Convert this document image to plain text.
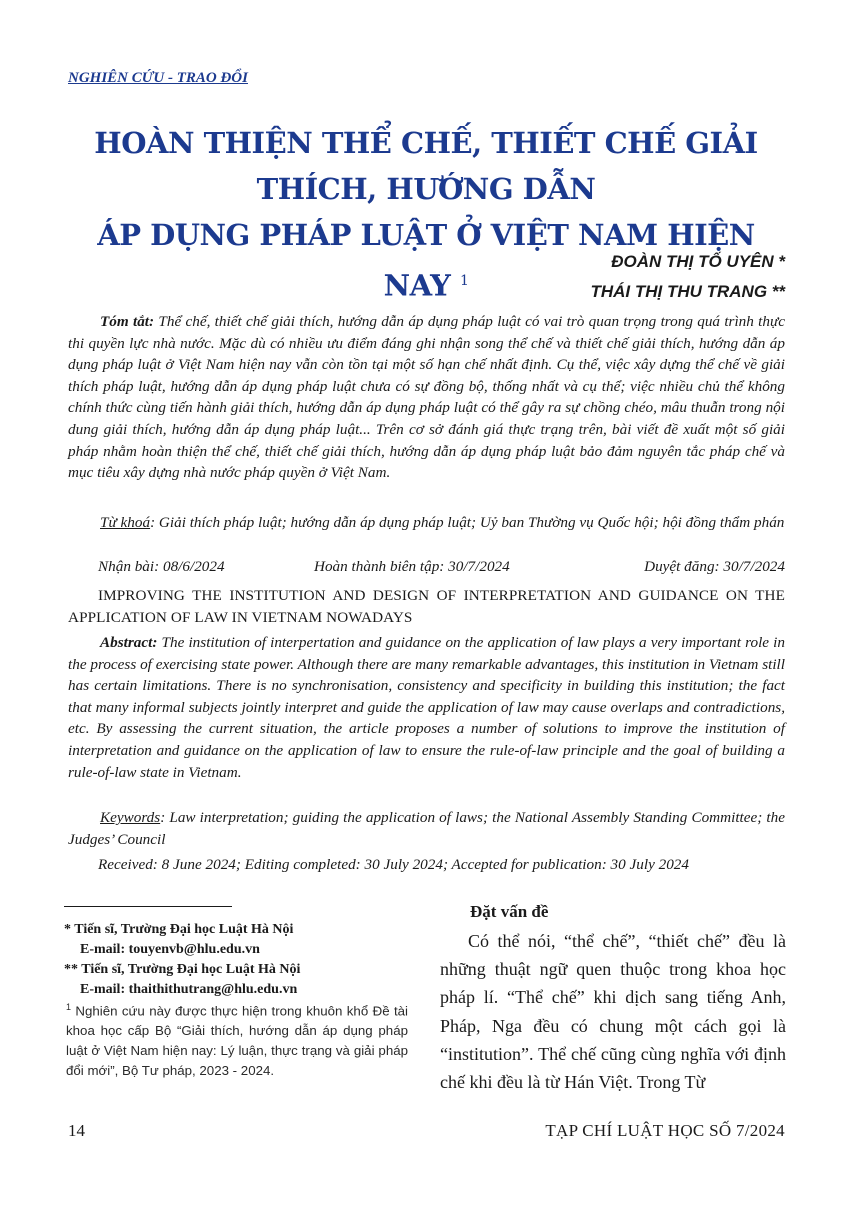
NGHIÊN CỨU - TRAO ĐỔI
HOÀN THIỆN THỂ CHẾ, THIẾT CHẾ GIẢI THÍCH, HƯỚNG DẪN
ÁP DỤNG PHÁP LUẬT Ở VIỆT NAM HIỆN NAY $^1$
ĐOÀN THỊ TỐ UYÊN *
THÁI THỊ THU TRANG **
Tóm tắt: Thể chế, thiết chế giải thích, hướng dẫn áp dụng pháp luật có vai trò quan trọng trong quá trình thực thi quyền lực nhà nước. Mặc dù có nhiều ưu điểm đáng ghi nhận song thể chế và thiết chế giải thích, hướng dẫn áp dụng pháp luật ở Việt Nam hiện nay vẫn còn tồn tại một số hạn chế nhất định. Cụ thể, việc xây dựng thể chế về giải thích pháp luật, hướng dẫn áp dụng pháp luật chưa có sự đồng bộ, thống nhất và cụ thể; việc nhiều chủ thể không chính thức cùng tiến hành giải thích, hướng dẫn áp dụng pháp luật có thể gây ra sự chồng chéo, mâu thuẫn trong nội dung giải thích, hướng dẫn áp dụng pháp luật... Trên cơ sở đánh giá thực trạng trên, bài viết đề xuất một số giải pháp nhằm hoàn thiện thể chế, thiết chế giải thích, hướng dẫn áp dụng pháp luật bảo đảm nguyên tắc pháp chế và mục tiêu xây dựng nhà nước pháp quyền ở Việt Nam.
Từ khoá: Giải thích pháp luật; hướng dẫn áp dụng pháp luật; Uỷ ban Thường vụ Quốc hội; hội đồng thẩm phán
Nhận bài: 08/6/2024	Hoàn thành biên tập: 30/7/2024	Duyệt đăng: 30/7/2024
IMPROVING THE INSTITUTION AND DESIGN OF INTERPRETATION AND GUIDANCE ON THE APPLICATION OF LAW IN VIETNAM NOWADAYS
Abstract: The institution of interpertation and guidance on the application of law plays a very important role in the process of exercising state power. Although there are many remarkable advantages, this institution in Vietnam still has certain limitations. There is no synchronisation, consistency and specificity in building this institution; the fact that many informal subjects jointly interpret and guide the application of law may cause overlaps and contradictions, etc. By assessing the current situation, the article proposes a number of solutions to improve the institution of interpretation and guidance on the application of law to ensure the rule-of-law principle and the goal of building a rule-of-law state in Vietnam.
Keywords: Law interpretation; guiding the application of laws; the National Assembly Standing Committee; the Judges’ Council
Received: 8 June 2024; Editing completed: 30 July 2024; Accepted for publication: 30 July 2024
* Tiến sĩ, Trường Đại học Luật Hà Nội
E-mail: touyenvb@hlu.edu.vn
** Tiến sĩ, Trường Đại học Luật Hà Nội
E-mail: thaithithutrang@hlu.edu.vn
$^1$ Nghiên cứu này được thực hiện trong khuôn khổ Đề tài khoa học cấp Bộ “Giải thích, hướng dẫn áp dụng pháp luật ở Việt Nam hiện nay: Lý luận, thực trạng và giải pháp đổi mới”, Bộ Tư pháp, 2023 - 2024.
Đặt vấn đề
Có thể nói, “thể chế”, “thiết chế” đều là những thuật ngữ quen thuộc trong khoa học pháp lí. “Thể chế” khi dịch sang tiếng Anh, Pháp, Nga đều có chung một cách gọi là “institution”. Thể chế cũng cùng nghĩa với định chế khi đều là từ Hán Việt. Trong Từ
14	TẠP CHÍ LUẬT HỌC SỐ 7/2024
